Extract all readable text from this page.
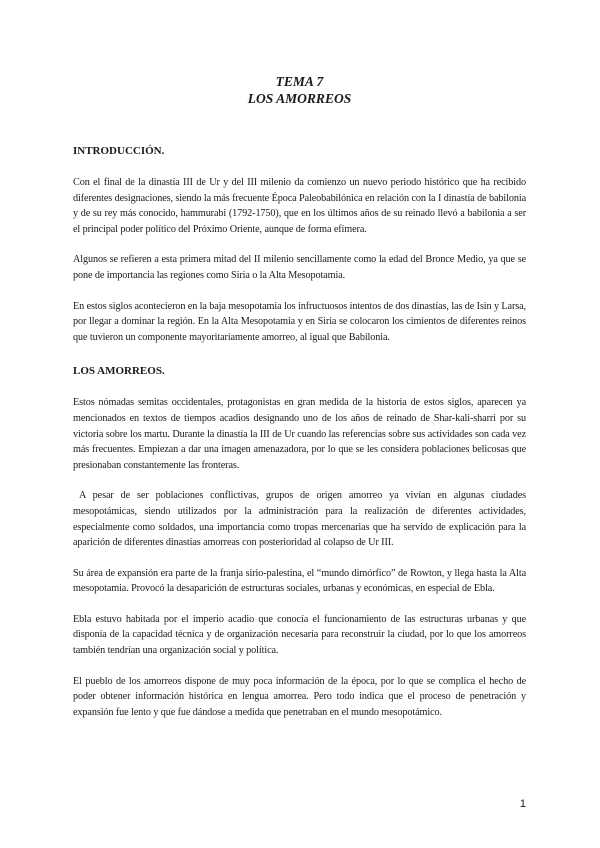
TEMA 7

LOS AMORREOS

INTRODUCCIÓN.

Con el final de la dinastía III de Ur y del III milenio da comienzo un nuevo periodo histórico que ha recibido diferentes designaciones, siendo la más frecuente Época Paleobabilónica en relación con la I dinastía de babilonia y de su rey más conocido, hammurabi (1792-1750), que en los últimos años de su reinado llevó a babilonia a ser el principal poder político del Próximo Oriente, aunque de forma efímera.

Algunos se refieren a esta primera mitad del II milenio sencillamente como la edad del Bronce Medio, ya que se pone de importancia las regiones como Siria o la Alta Mesopotamia.

En estos siglos acontecieron en la baja mesopotamia los infructuosos intentos de dos dinastías, las de Isin y Larsa, por llegar a dominar la región. En la Alta Mesopotamia y en Siria se colocaron los cimientos de diferentes reinos que tuvieron un componente mayoritariamente amorreo, al igual que Babilonia.

LOS AMORREOS.

Estos nómadas semitas occidentales, protagonistas en gran medida de la historia de estos siglos, aparecen ya mencionados en textos de tiempos acadios designando uno de los años de reinado de Shar-kali-sharri por su victoria sobre los martu. Durante la dinastía la III de Ur cuando las referencias sobre sus actividades son cada vez más frecuentes. Empiezan a dar una imagen amenazadora, por lo que se les considera poblaciones belicosas que presionaban constantemente las fronteras.

A pesar de ser poblaciones conflictivas, grupos de origen amorreo ya vivían en algunas ciudades mesopotámicas, siendo utilizados por la administración para la realización de diferentes actividades, especialmente como soldados, una importancia como tropas mercenarias que ha servido de explicación para la aparición de diferentes dinastías amorreas con posterioridad al colapso de Ur III.

Su área de expansión era parte de la franja sirio-palestina, el “mundo dimórfico” de Rowton, y llega hasta la Alta mesopotamia. Provocó la desaparición de estructuras sociales, urbanas y económicas, en especial de Ebla.

Ebla estuvo habitada por el imperio acadio que conocía el funcionamiento de las estructuras urbanas y que disponía de la capacidad técnica y de organización necesaria para reconstruir la ciudad, por lo que los amorreos también tendrían una organización social y política.

El pueblo de los amorreos dispone de muy poca información de la época, por lo que se complica el hecho de poder obtener información histórica en lengua amorrea. Pero todo indica que el proceso de penetración y expansión fue lento y que fue dándose a medida que penetraban en el mundo mesopotámico.

1
